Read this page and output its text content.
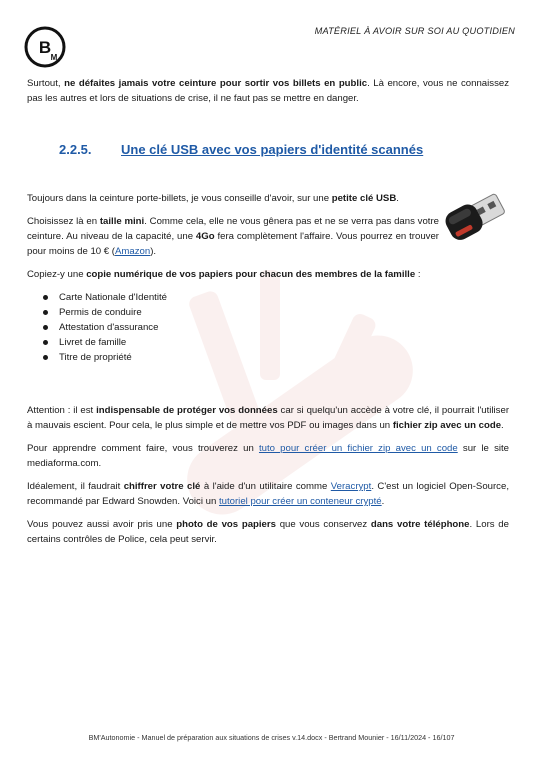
B
M
MATÉRIEL À AVOIR SUR SOI AU QUOTIDIEN

Surtout, ne défaites jamais votre ceinture pour sortir vos billets en public. Là encore, vous ne connaissez pas les autres et lors de situations de crise, il ne faut pas se mettre en danger.

2.2.5.	Une clé USB avec vos papiers d'identité scannés

Toujours dans la ceinture porte-billets, je vous conseille d'avoir, sur une petite clé USB.

Choisissez là en taille mini. Comme cela, elle ne vous gênera pas et ne se verra pas dans votre ceinture. Au niveau de la capacité, une 4Go fera complètement l'affaire. Vous pourrez en trouver pour moins de 10 € (Amazon).

Copiez-y une copie numérique de vos papiers pour chacun des membres de la famille :

Carte Nationale d'Identité
Permis de conduire
Attestation d'assurance
Livret de famille
Titre de propriété

Attention : il est indispensable de protéger vos données car si quelqu'un accède à votre clé, il pourrait l'utiliser à mauvais escient. Pour cela, le plus simple et de mettre vos PDF ou images dans un fichier zip avec un code.

Pour apprendre comment faire, vous trouverez un tuto pour créer un fichier zip avec un code sur le site mediaforma.com.

Idéalement, il faudrait chiffrer votre clé à l'aide d'un utilitaire comme Veracrypt. C'est un logiciel Open-Source, recommandé par Edward Snowden. Voici un tutoriel pour créer un conteneur crypté.

Vous pouvez aussi avoir pris une photo de vos papiers que vous conservez dans votre téléphone. Lors de certains contrôles de Police, cela peut servir.

BM'Autonomie - Manuel de préparation aux situations de crises v.14.docx - Bertrand Mounier - 16/11/2024 - 16/107
